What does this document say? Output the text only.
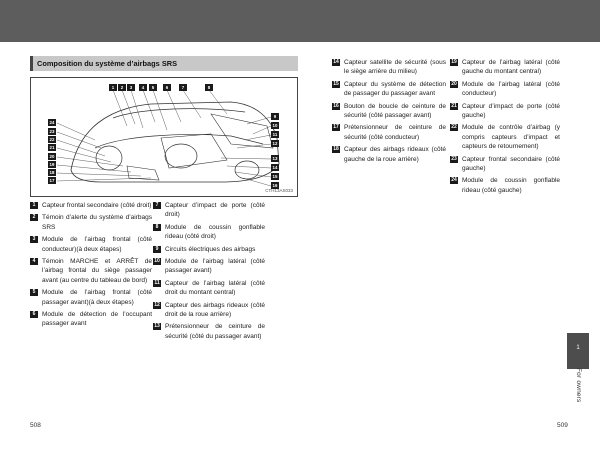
Composition du système d’airbags SRS
1	2	3	4	5	6	7	8
24
23
22
21
20
19
18
17
9
10
11
12
13
14
15
16
CTH13AS033
1	Capteur frontal secondaire (côté droit)
2	Témoin d’alerte du système d’airbags SRS
3	Module de l’airbag frontal (côté conducteur)(à deux étapes)
4	Témoin MARCHE et ARRÊT de l’airbag frontal du siège passager avant (au centre du tableau de bord)
5	Module de l’airbag frontal (côté passager avant)(à deux étapes)
6	Module de détection de l’occupant passager avant
7	Capteur d’impact de porte (côté droit)
8	Module de coussin gonflable rideau (côté droit)
9	Circuits électriques des airbags
10 Module de l’airbag latéral (côté passager avant)
11 Capteur de l’airbag latéral (côté droit du montant central)
12 Capteur des airbags rideaux (côté droit de la roue arrière)
13 Prétensionneur de ceinture de sécurité (côté du passager avant)
14 Capteur satellite de sécurité (sous le siège arrière du milieu)
15 Capteur du système de détection de passager du passager avant
16 Bouton de boucle de ceinture de sécurité (côté passager avant)
17 Prétensionneur de ceinture de sécurité (côté conducteur)
18 Capteur des airbags rideaux (côté gauche de la roue arrière)
19 Capteur de l’airbag latéral (côté gauche du montant central)
20 Module de l’airbag latéral (côté conducteur)
21 Capteur d’impact de porte (côté gauche)
22 Module de contrôle d’airbag (y compris capteurs d’impact et capteurs de retournement)
23 Capteur frontal secondaire (côté gauche)
24 Module de coussin gonflable rideau (côté gauche)
1
For owners
508	509
